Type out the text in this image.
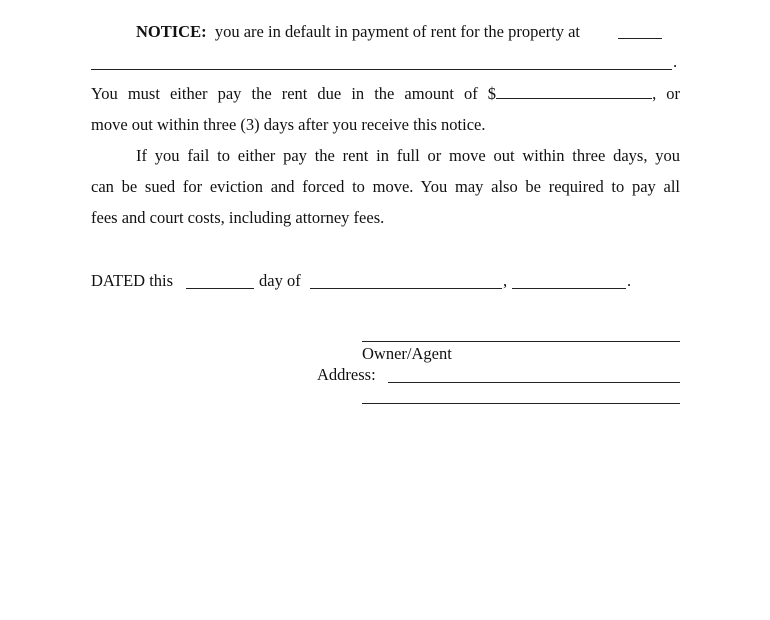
NOTICE: you are in default in payment of rent for the property at
.
You must either pay the rent due in the amount of $	, or
move out within three (3) days after you receive this notice.
If you fail to either pay the rent in full or move out within three days, you
can be sued for eviction and forced to move. You may also be required to pay all
fees and court costs, including attorney fees.
DATED this	day of	,	.
Owner/Agent
Address:
